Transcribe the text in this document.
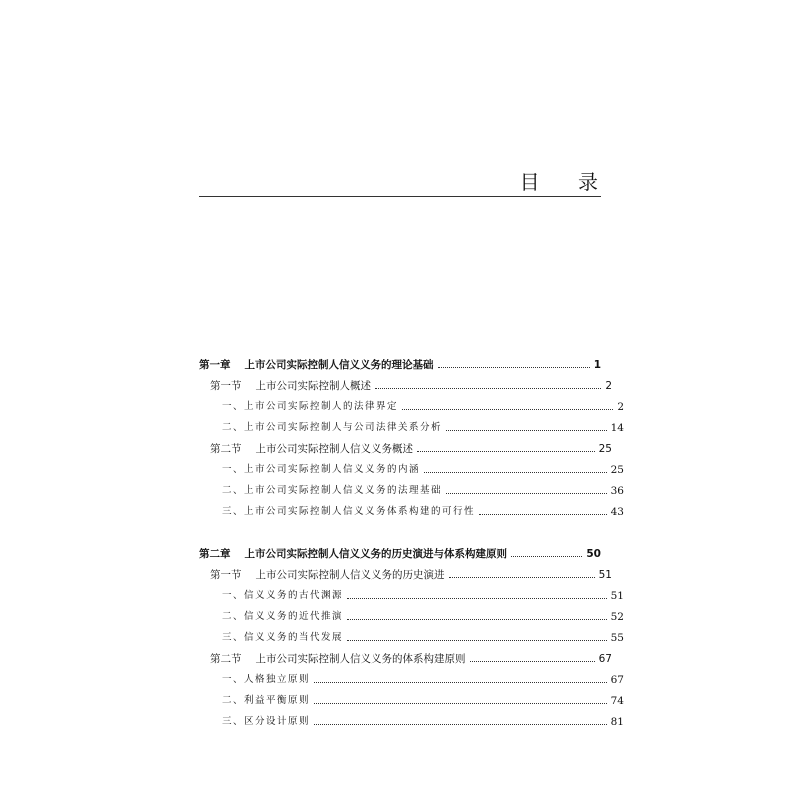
目 录
第一章 上市公司实际控制人信义义务的理论基础	1
第一节 上市公司实际控制人概述	2
一、上市公司实际控制人的法律界定	2
二、上市公司实际控制人与公司法律关系分析	14
第二节 上市公司实际控制人信义义务概述	25
一、上市公司实际控制人信义义务的内涵	25
二、上市公司实际控制人信义义务的法理基础	36
三、上市公司实际控制人信义义务体系构建的可行性	43
第二章 上市公司实际控制人信义义务的历史演进与体系构建原则	50
第一节 上市公司实际控制人信义义务的历史演进	51
一、信义义务的古代渊源	51
二、信义义务的近代推演	52
三、信义义务的当代发展	55
第二节 上市公司实际控制人信义义务的体系构建原则	67
一、人格独立原则	67
二、利益平衡原则	74
三、区分设计原则	81
